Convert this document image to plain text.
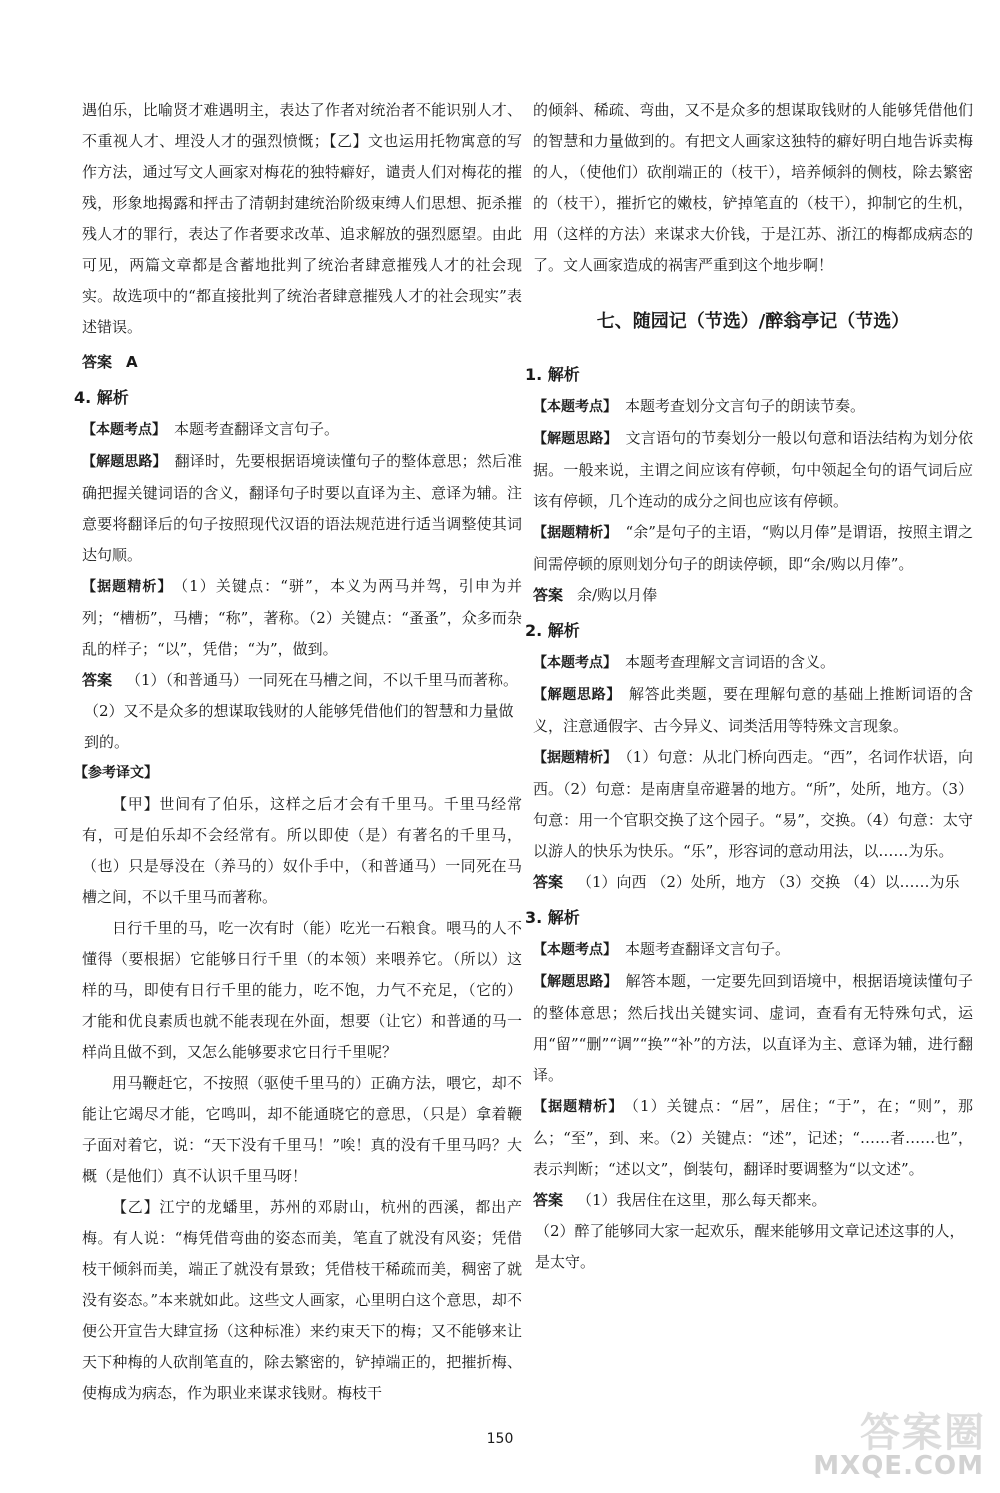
遇伯乐，比喻贤才难遇明主，表达了作者对统治者不能识别人才、不重视人才、埋没人才的强烈愤慨；【乙】文也运用托物寓意的写作方法，通过写文人画家对梅花的独特癖好，谴责人们对梅花的摧残，形象地揭露和抨击了清朝封建统治阶级束缚人们思想、扼杀摧残人才的罪行，表达了作者要求改革、追求解放的强烈愿望。由此可见，两篇文章都是含蓄地批判了统治者肆意摧残人才的社会现实。故选项中的“都直接批判了统治者肆意摧残人才的社会现实”表述错误。

答案 A

4. 解析

【本题考点】 本题考查翻译文言句子。

【解题思路】 翻译时，先要根据语境读懂句子的整体意思；然后准确把握关键词语的含义，翻译句子时要以直译为主、意译为辅。注意要将翻译后的句子按照现代汉语的语法规范进行适当调整使其词达句顺。

【据题精析】 （1）关键点：“骈”，本义为两马并驾，引申为并列；“槽枥”，马槽；“称”，著称。（2）关键点：“蚤蚤”，众多而杂乱的样子；“以”，凭借；“为”，做到。

答案 （1）（和普通马）一同死在马槽之间，不以千里马而著称。

（2）又不是众多的想谋取钱财的人能够凭借他们的智慧和力量做到的。

【参考译文】

【甲】世间有了伯乐，这样之后才会有千里马。千里马经常有，可是伯乐却不会经常有。所以即使（是）有著名的千里马，（也）只是辱没在（养马的）奴仆手中，（和普通马）一同死在马槽之间，不以千里马而著称。

日行千里的马，吃一次有时（能）吃光一石粮食。喂马的人不懂得（要根据）它能够日行千里（的本领）来喂养它。（所以）这样的马，即使有日行千里的能力，吃不饱，力气不充足，（它的）才能和优良素质也就不能表现在外面，想要（让它）和普通的马一样尚且做不到，又怎么能够要求它日行千里呢？

用马鞭赶它，不按照（驱使千里马的）正确方法，喂它，却不能让它竭尽才能，它鸣叫，却不能通晓它的意思，（只是）拿着鞭子面对着它，说：“天下没有千里马！”唉！真的没有千里马吗？大概（是他们）真不认识千里马呀！

【乙】江宁的龙蟠里，苏州的邓尉山，杭州的西溪，都出产梅。有人说：“梅凭借弯曲的姿态而美，笔直了就没有风姿；凭借枝干倾斜而美，端正了就没有景致；凭借枝干稀疏而美，稠密了就没有姿态。”本来就如此。这些文人画家，心里明白这个意思，却不便公开宣告大肆宣扬（这种标准）来约束天下的梅；又不能够来让天下种梅的人砍削笔直的，除去繁密的，铲掉端正的，把摧折梅、使梅成为病态，作为职业来谋求钱财。梅枝干

的倾斜、稀疏、弯曲，又不是众多的想谋取钱财的人能够凭借他们的智慧和力量做到的。有把文人画家这独特的癖好明白地告诉卖梅的人，（使他们）砍削端正的（枝干），培养倾斜的侧枝，除去繁密的（枝干），摧折它的嫩枝，铲掉笔直的（枝干），抑制它的生机，用（这样的方法）来谋求大价钱，于是江苏、浙江的梅都成病态的了。文人画家造成的祸害严重到这个地步啊！

七、随园记（节选）/醉翁亭记（节选）

1. 解析

【本题考点】 本题考查划分文言句子的朗读节奏。

【解题思路】 文言语句的节奏划分一般以句意和语法结构为划分依据。一般来说，主谓之间应该有停顿，句中领起全句的语气词后应该有停顿，几个连动的成分之间也应该有停顿。

【据题精析】 “余”是句子的主语，“购以月俸”是谓语，按照主谓之间需停顿的原则划分句子的朗读停顿，即“余/购以月俸”。

答案 余/购以月俸

2. 解析

【本题考点】 本题考查理解文言词语的含义。

【解题思路】 解答此类题，要在理解句意的基础上推断词语的含义，注意通假字、古今异义、词类活用等特殊文言现象。

【据题精析】 （1）句意：从北门桥向西走。“西”，名词作状语，向西。（2）句意：是南唐皇帝避暑的地方。“所”，处所，地方。（3）句意：用一个官职交换了这个园子。“易”，交换。（4）句意：太守以游人的快乐为快乐。“乐”，形容词的意动用法，以……为乐。

答案 （1）向西 （2）处所，地方 （3）交换 （4）以……为乐

3. 解析

【本题考点】 本题考查翻译文言句子。

【解题思路】 解答本题，一定要先回到语境中，根据语境读懂句子的整体意思；然后找出关键实词、虚词，查看有无特殊句式，运用“留”“删”“调”“换”“补”的方法，以直译为主、意译为辅，进行翻译。

【据题精析】 （1）关键点：“居”，居住；“于”，在；“则”，那么；“至”，到、来。（2）关键点：“述”，记述；“……者……也”，表示判断；“述以文”，倒装句，翻译时要调整为“以文述”。

答案 （1）我居住在这里，那么每天都来。

（2）醉了能够同大家一起欢乐，醒来能够用文章记述这事的人，是太守。

150	答案圈
MXQE.COM
